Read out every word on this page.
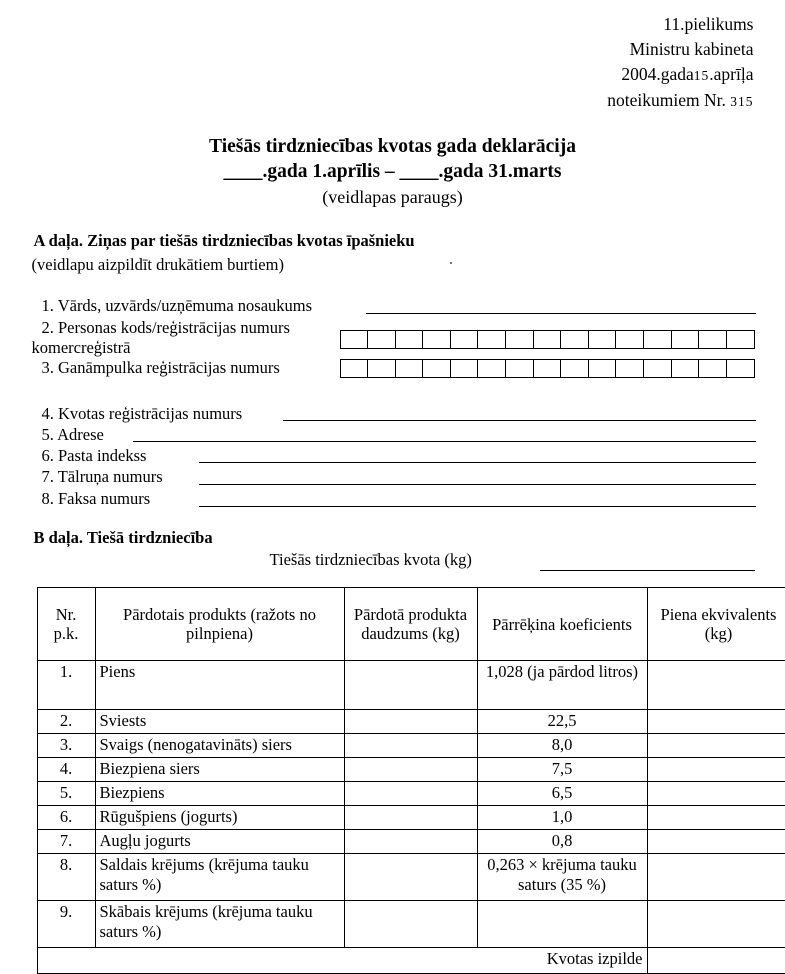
11.pielikums
Ministru kabineta
2004.gada15.aprīļa
noteikumiem Nr. 315
Tiešās tirdzniecības kvotas gada deklarācija
____.gada 1.aprīlis – ____.gada 31.marts
(veidlapas paraugs)
A daļa. Ziņas par tiešās tirdzniecības kvotas īpašnieku
(veidlapu aizpildīt drukātiem burtiem)
1. Vārds, uzvārds/uzņēmuma nosaukums
2. Personas kods/reģistrācijas numurs
komercreģistrā
3. Ganāmpulka reģistrācijas numurs
4. Kvotas reģistrācijas numurs
5. Adrese
6. Pasta indekss
7. Tālruņa numurs
8. Faksa numurs
B daļa. Tiešā tirdzniecība
Tiešās tirdzniecības kvota (kg)
Nr.
p.k.	Pārdotais produkts (ražots no pilnpiena)	Pārdotā produkta daudzums (kg)	Pārrēķina koeficients	Piena ekvivalents (kg)
1.	Piens		1,028 (ja pārdod litros)	
2.	Sviests		22,5	
3.	Svaigs (nenogatavināts) siers		8,0	
4.	Biezpiena siers		7,5	
5.	Biezpiens		6,5	
6.	Rūgušpiens (jogurts)		1,0	
7.	Augļu jogurts		0,8	
8.	Saldais krējums (krējuma tauku saturs %)		0,263 × krējuma tauku saturs (35 %)	
9.	Skābais krējums (krējuma tauku saturs %)			
Kvotas izpilde				
